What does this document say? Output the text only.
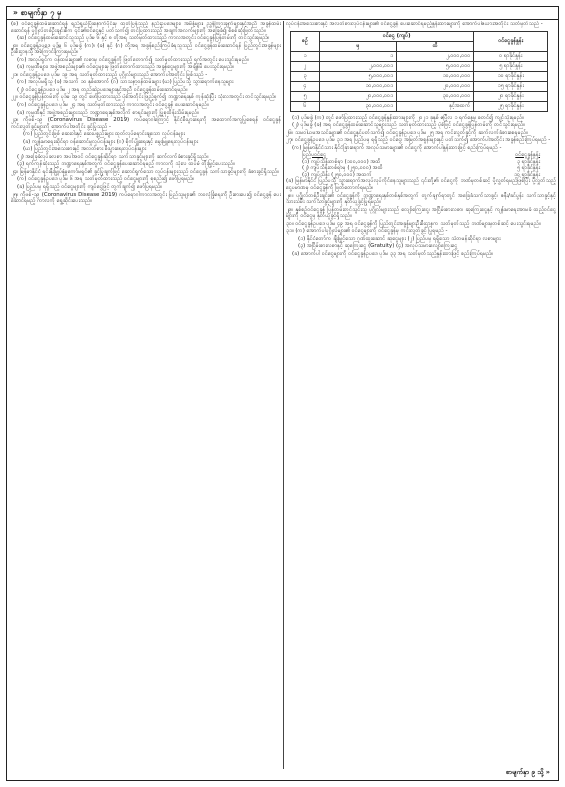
» ‌စာမျက်နှာ ၇ မှ

(စ) ဝင်ငွေခွန်ထမ်းဆောင်ရန် ရည်ရွယ်ပြီးနောက်ပိုင်းမှ ထုတ်ပြန်သည့် နည်းဥပဒေများ၊ အမိန့်များ၊ ညွှန်ကြားချက်များနှင့်အညီ အခွန်ထမ်းဆောင်ရန် ပုဂ္ဂိုလ်တစ်ဦးချင်းစီက ၎င်း၏ဝင်ငွေနှင့် ပတ်သက်၍ တင်ပြထားသည့် အချက်အလက်များကို အခြေခံ၍ စိစစ်ဆုံးဖြတ်သည်။

(ဆ) ဝင်ငွေခွန်ထမ်းဆောင်သူသည် ပုဒ်မ ၆ နှင့် ၈ တို့အရ သတ်မှတ်ထားသည့် ကာလအတွင်း ဝင်ငွေခွန်ပြန်တမ်းကို တင်သွင်းရမည်။

၂၀။ ဝင်ငွေခွန်ဥပဒေ ပုဒ်မ ၆ ပုဒ်မခွဲ (က)၊ (ခ) နှင့် (ဂ) တို့အရ အခွန်စည်းကြပ်ခံရသူသည် ဝင်ငွေခွန်ထမ်းဆောင်ရန် ပြည်တွင်းအခွန်များဦးစီးဌာနသို့ အကြောင်းကြားရမည်။

(က) အလုပ်ရှင်က ဝန်ထမ်းများ၏ လစာမှ ဝင်ငွေခွန်ကို ဖြတ်တောက်၍ သတ်မှတ်ထားသည့် ရက်အတွင်း ပေးသွင်းရမည်။

(ခ) ကုမ္ပဏီများ၊ အဖွဲ့အစည်းများ၏ ဝင်ငွေများမှ ဖြတ်တောက်ထားသည့် အခွန်ငွေများကို အချိန်မီ ပေးသွင်းရမည်။

၂၁။ ဝင်ငွေခွန်ဥပဒေ ပုဒ်မ ၁၉ အရ သတ်မှတ်ထားသည့် ပုဂ္ဂိုလ်များသည် အောက်ပါအတိုင်း ဖြစ်သည် -

(က) အလုပ်မရှိသူ (ခ) အသက် ၁၀ နှစ်အောက် (ဂ) သာသနာ့ဝန်ထမ်းများ (ဃ) ပြည်ပသို့ သွားရောက်နေသူများ

(၂) ဝင်ငွေခွန်ဥပဒေ ပုဒ်မ ၂ အရ တည်ဆဲဥပဒေများနှင့်အညီ ဝင်ငွေခွန်ထမ်းဆောင်ရမည်။

၂၂။ ဝင်ငွေခွန်ပြန်တမ်းကို ပုဒ်မ ၁၉ တွင် ဖော်ပြထားသည့် ပုံစံအတိုင်း ဖြည့်စွက်၍ ဘဏ္ဍာရေးနှစ် ကုန်ဆုံးပြီး သုံးလအတွင်း တင်သွင်းရမည်။

(က) ဝင်ငွေခွန်ဥပဒေ ပုဒ်မ ၂၄ အရ သတ်မှတ်ထားသည့် ကာလအတွင်း ဝင်ငွေခွန် ပေးဆောင်ရမည်။

(ခ) ကုမ္ပဏီနှင့် အဖွဲ့အစည်းများသည် ဘဏ္ဍာရေးနှစ်အလိုက် စာရင်းများကို ပြုစုထိန်းသိမ်းရမည်။

၂၃။ ကိုဗစ်-၁၉ (Coronavirus Disease 2019) ကပ်ရောဂါကြောင့် နိုင်ငံ့စီးပွားရေးကို အထောက်အကူပြုစေရန် ဝင်ငွေခွန် ကင်းလွတ်ခွင့်များကို အောက်ပါအတိုင်း ခွင့်ပြုသည် -

(က) ပြည်တွင်းဖြစ် ဆေးဝါးနှင့် ဆေးပစ္စည်းများ ထုတ်လုပ်ရောင်းချသော လုပ်ငန်းများ

(ခ) ကျန်းမာရေးဆိုင်ရာ ဝန်ဆောင်မှုလုပ်ငန်းများ (ဂ) စိုက်ပျိုးရေးနှင့် မွေးမြူရေးလုပ်ငန်းများ

(ဃ) ပြည်တွင်းအသေးစားနှင့် အလတ်စား စီးပွားရေးလုပ်ငန်းများ

(၂) အခြေခံလုပ်ခလစာ အပါအဝင် ဝင်ငွေခွန်ဆိုင်ရာ သက်သာခွင့်များကို ဆက်လက်ခံစားခွင့်ရှိသည်။

(၃) ရက်ကုန်ဆုံးသည့် ဘဏ္ဍာရေးနှစ်အတွက် ဝင်ငွေခွန်ပေးဆောင်ရမည့် ကာလကို သုံးလ ထပ်မံ တိုးမြှင့်ပေးသည်။

၂၄။ မြန်မာနိုင်ငံ ရင်းနှီးမြှုပ်နှံမှုကော်မရှင်၏ ခွင့်ပြုချက်ဖြင့် ဆောင်ရွက်သော လုပ်ငန်းများသည် ဝင်ငွေခွန် သက်သာခွင့်များကို ခံစားခွင့်ရှိသည်။

(က) ဝင်ငွေခွန်ဥပဒေ ပုဒ်မ ၆ အရ သတ်မှတ်ထားသည့် ဝင်ငွေများကို စုစည်း၍ ဖော်ပြရမည်။

(ခ) ပြည်ပမှ ရရှိသည့် ဝင်ငွေများကို ကျပ်ငွေဖြင့် တွက်ချက်၍ ဖော်ပြရမည်။

၂၅။ ကိုဗစ်-၁၉ (Coronavirus Disease 2019) ကပ်ရောဂါကာလအတွင်း ပြည်သူများ၏ ဘဝလုံခြုံရေးကို ဦးစားပေး၍ ဝင်ငွေခွန် ပေးဆောင်ရမည့် ကာလကို ရွှေ့ဆိုင်းပေးသည်။

လုပ်ငန်းအသေးစားနှင့် အလတ်စားလုပ်ငန်းများ၏ ဝင်ငွေခွန် ပေးဆောင်ရမည့်နှုန်းထားများကို အောက်ပါဇယားအတိုင်း သတ်မှတ်သည် -

စဉ်	ဝင်ငွေ (ကျပ်)		ဝင်ငွေခွန်နှုန်း
	မှ	ထိ	
၁	၁	၂,၀၀၀,၀၀၀	၀ ရာခိုင်နှုန်း
၂	၂,၀၀၀,၀၀၁	၅,၀၀၀,၀၀၀	၅ ရာခိုင်နှုန်း
၃	၅,၀၀၀,၀၀၁	၁၀,၀၀၀,၀၀၀	၁၀ ရာခိုင်နှုန်း
၄	၁၀,၀၀၀,၀၀၁	၂၀,၀၀၀,၀၀၀	၁၅ ရာခိုင်နှုန်း
၅	၂၀,၀၀၀,၀၀၁	၃၀,၀၀၀,၀၀၀	၂၀ ရာခိုင်နှုန်း
၆	၃၀,၀၀၀,၀၀၁	နှင့်အထက်	၂၅ ရာခိုင်နှုန်း

(၁) ပုဒ်မခွဲ (က) တွင် ဖော်ပြထားသည့် ဝင်ငွေခွန်နှုန်းထားများကို ၂၀၂၁ ခုနှစ် ဧပြီလ ၁ ရက်နေ့မှ စတင်၍ ကျင့်သုံးရမည်။

(၂) ပုဒ်မခွဲ (ခ) အရ ဝင်ငွေခွန်ထမ်းဆောင်သူများသည် သတ်မှတ်ထားသည့် ပုံစံဖြင့် ဝင်ငွေခွန်ပြန်တမ်းကို တင်သွင်းရမည်။

၂၆။ သမဝါယမအသင်းများ၏ ဝင်ငွေနှင့်ပတ်သက်၍ ဝင်ငွေခွန်ဥပဒေ ပုဒ်မ ၂၅ အရ ကင်းလွတ်ခွင့်ကို ဆက်လက်ခံစားစေရမည်။

၂၇။ ဝင်ငွေခွန်ဥပဒေ ပုဒ်မ ၃၁ အရ ပြည်ပမှ ရရှိသည့် ဝင်ငွေ၊ အမြတ်အစွန်းများနှင့် ပတ်သက်၍ အောက်ပါအတိုင်း အခွန်စည်းကြပ်ရမည် -

(က) မြန်မာနိုင်ငံသား နိုင်ငံခြားရောက် အလုပ်သမားများ၏ ဝင်ငွေကို အောက်ပါနှုန်းထားဖြင့် စည်းကြပ်ရမည် -

ပြည်ပဝင်ငွေ	ဝင်ငွေခွန်နှုန်း
(၁) ကျပ်သိန်းတစ်ရာ (၁၀၀,၀၀၀) အထိ	၃ ရာခိုင်နှုန်း
(၂) ကျပ်သိန်းတစ်ရာမှ (၂၅၀,၀၀၀) အထိ	၅ ရာခိုင်နှုန်း
(၃) ကျပ်သိန်း (၂၅၀,၀၀၀) အထက်	၁၀ ရာခိုင်နှုန်း

(ခ) မြန်မာနိုင်ငံ ပြည်ပသို့ သွားရောက်အလုပ်လုပ်ကိုင်နေသူများသည် ၎င်းတို့၏ ဝင်ငွေကို ဘဏ်မှတစ်ဆင့် ပို့လွှတ်ရမည်ဖြစ်ပြီး ပို့လွှတ်သည့် ငွေပမာဏမှ ဝင်ငွေခွန်ကို ဖြတ်တောက်ရမည်။

၂၈။ ပုဂ္ဂိုလ်တစ်ဦးချင်း၏ ဝင်ငွေခွန်ကို ဘဏ္ဍာရေးနှစ်တစ်နှစ်အတွက် တွက်ချက်ရာတွင် အခြေခံသက်သာခွင့်၊ ဇနီး/ခင်ပွန်း သက်သာခွင့်နှင့် သားသမီး သက်သာခွင့်များကို နုတ်ယူခွင့်ပြုရမည်။

၂၉။ နှစ်စဉ်ဝင်ငွေခွန် ပြန်တမ်းတင်သွင်းသူ ပုဂ္ဂိုလ်များသည် လျော်ကြေးငွေ၊ အငြိမ်းစားလစာ၊ ဆုကြေးငွေနှင့် ကျန်းမာရေးအာမခံ ထည့်ဝင်ငွေများကို ဝင်ငွေမှ နုတ်ယူခွင့်ရှိသည်။

၃၀။ ဝင်ငွေခွန်ဥပဒေ ပုဒ်မ ၄၉ အရ ဝင်ငွေခွန်ကို ပြည်တွင်းအခွန်များဦးစီးဌာနက သတ်မှတ်သည့် ဘဏ်များမှတစ်ဆင့် ပေးသွင်းရမည်။

၃၁။ (က) အောက်ပါပုဂ္ဂိုလ်များ၏ ဝင်ငွေများကို ဝင်ငွေခွန်မှ ကင်းလွတ်ခွင့် ပြုရမည် -

(၁) နိုင်ငံတော်က ချီးမြှင့်သော ဂုဏ်ထူးဆောင် ဆုငွေများ (၂) ပြည်ပမှ ရရှိသော သံတမန်ဆိုင်ရာ လစာများ

(၃) အငြိမ်းစားလစာနှင့် ဆုကြေးငွေ (Gratuity) (၄) အလုပ်သမားလျော်ကြေးငွေ

(ခ) အောက်ပါ ဝင်ငွေများကို ဝင်ငွေခွန်ဥပဒေ ပုဒ်မ ၃၃ အရ သတ်မှတ်သည့်နှုန်းထားဖြင့် စည်းကြပ်ရမည်။

စာမျက်နှာ ၉ သို့ »
